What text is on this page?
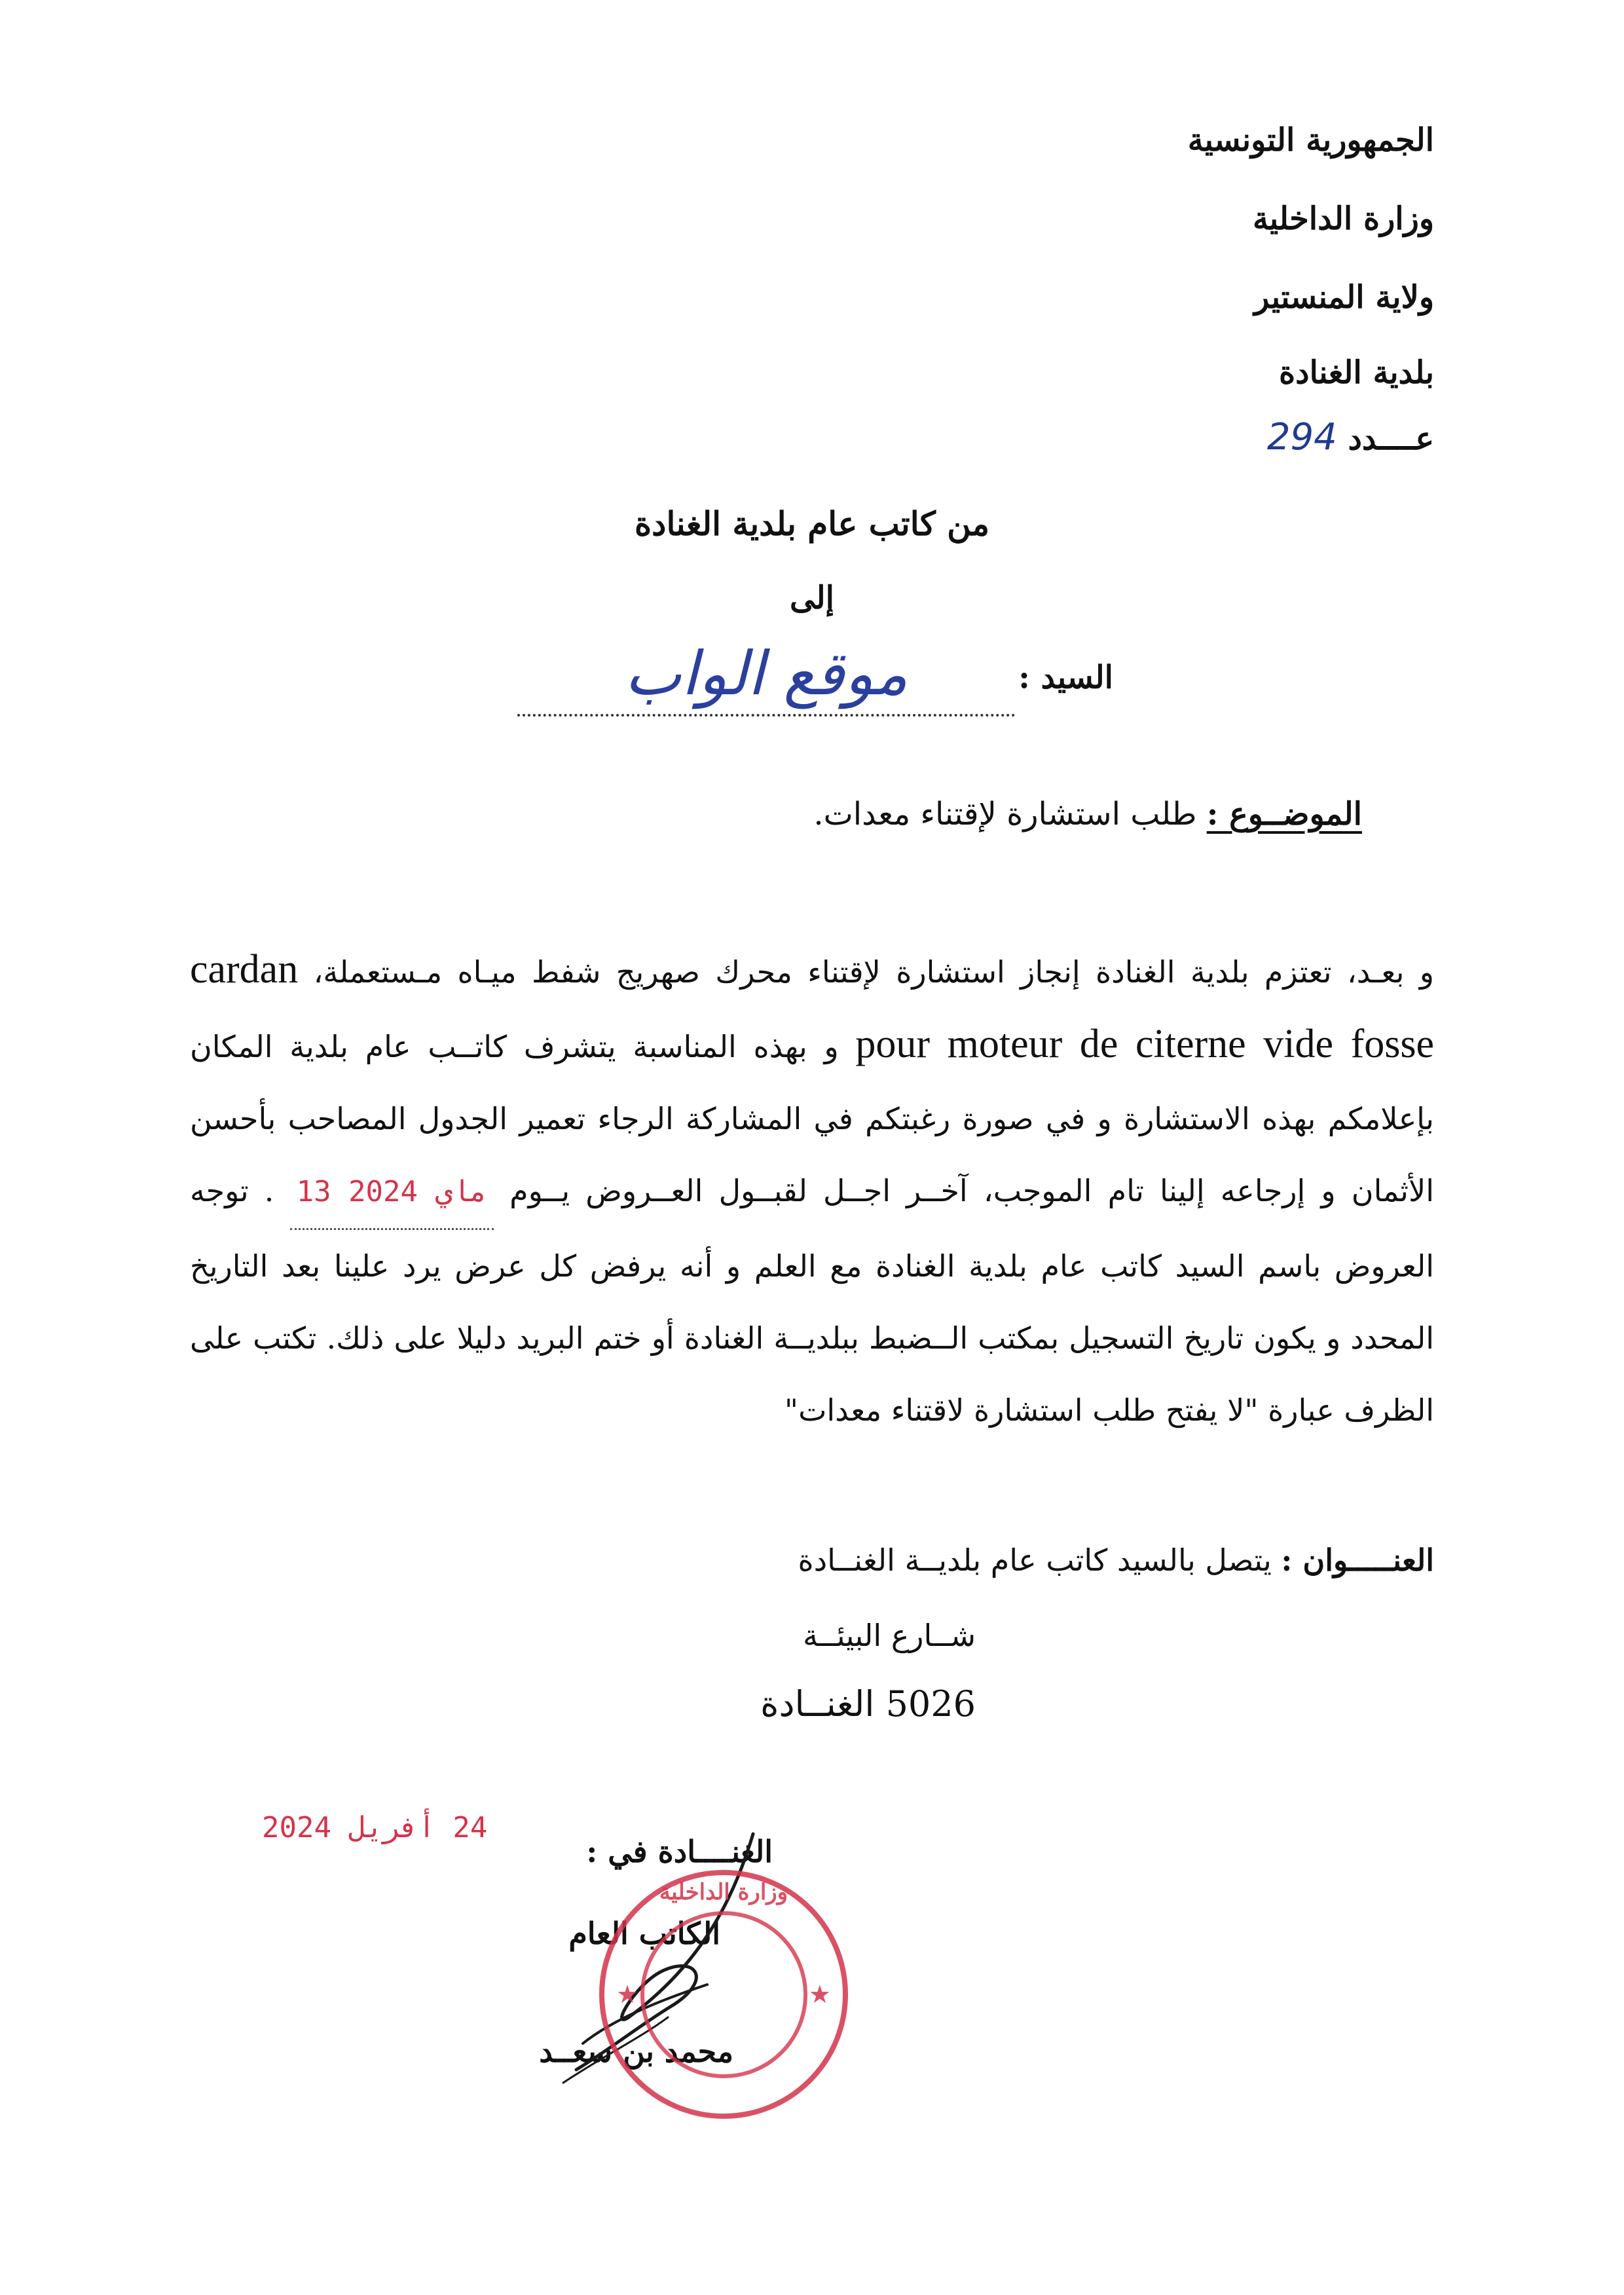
الجمهورية التونسية
وزارة الداخلية
ولاية المنستير
بلدية الغنادة
عــــدد 294
من كاتب عام بلدية الغنادة
إلى
السيد : موقع الواب
الموضــوع : طلب استشارة لإقتناء معدات.
و بعـد، تعتزم بلدية الغنادة إنجاز استشارة لإقتناء محرك صهريج شفط ميـاه مـستعملة، cardan pour moteur de citerne vide fosse و بهذه المناسبة يتشرف كاتــب عام بلدية المكان بإعلامكم بهذه الاستشارة و في صورة رغبتكم في المشاركة الرجاء تعمير الجدول المصاحب بأحسن الأثمان و إرجاعه إلينا تام الموجب، آخــر اجــل لقبــول العــروض يــوم 13 ماي 2024 . توجه العروض باسم السيد كاتب عام بلدية الغنادة مع العلم و أنه يرفض كل عرض يرد علينا بعد التاريخ المحدد و يكون تاريخ التسجيل بمكتب الــضبط ببلديــة الغنادة أو ختم البريد دليلا على ذلك. تكتب على الظرف عبارة "لا يفتح طلب استشارة لاقتناء معدات"
العنـــــوان : يتصل بالسيد كاتب عام بلديــة الغنــادة
شــارع البيئــة
5026 الغنــادة
الغنــــادة في :
24 أفريل 2024
الكاتب العام
محمد بن سعــد
وزارة الداخلية
★	★
